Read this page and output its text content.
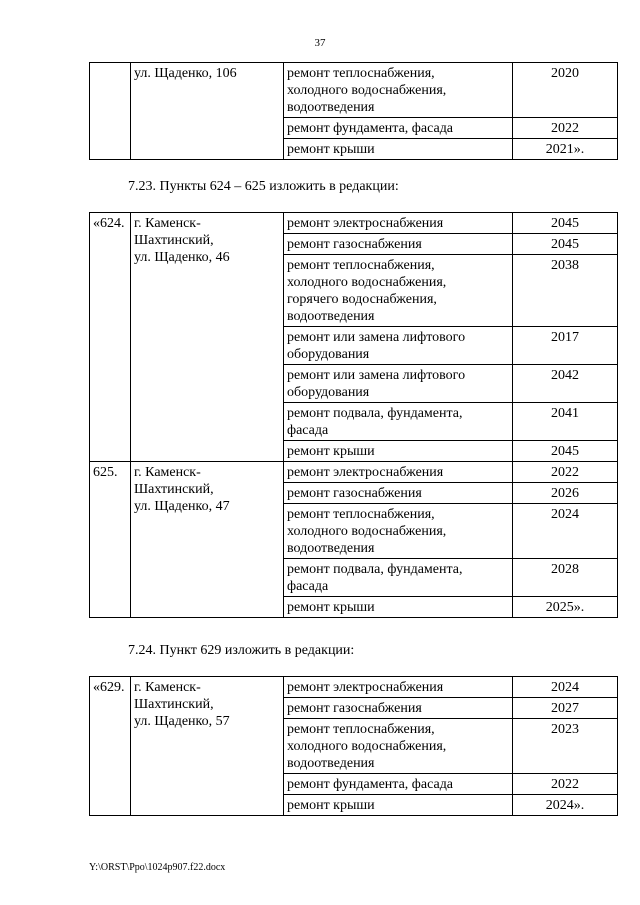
37

	ул. Щаденко, 106	ремонт теплоснабжения,
холодного водоснабжения,
водоотведения	2020

		ремонт фундамента, фасада	2022

		ремонт крыши	2021».
7.23. Пункты 624 – 625 изложить в редакции:
«624.	г. Каменск-
Шахтинский,
ул. Щаденко, 46	ремонт электроснабжения	2045

		ремонт газоснабжения	2045

		ремонт теплоснабжения,
холодного водоснабжения,
горячего водоснабжения,
водоотведения	2038

		ремонт или замена лифтового
оборудования	2017

		ремонт или замена лифтового
оборудования	2042

		ремонт подвала, фундамента,
фасада	2041

		ремонт крыши	2045
625.	г. Каменск-
Шахтинский,
ул. Щаденко, 47	ремонт электроснабжения	2022

		ремонт газоснабжения	2026

		ремонт теплоснабжения,
холодного водоснабжения,
водоотведения	2024

		ремонт подвала, фундамента,
фасада	2028

		ремонт крыши	2025».
7.24. Пункт 629 изложить в редакции:
«629.	г. Каменск-
Шахтинский,
ул. Щаденко, 57	ремонт электроснабжения	2024

		ремонт газоснабжения	2027

		ремонт теплоснабжения,
холодного водоснабжения,
водоотведения	2023

		ремонт фундамента, фасада	2022

		ремонт крыши	2024».
Y:\ORST\Ppo\1024p907.f22.docx
